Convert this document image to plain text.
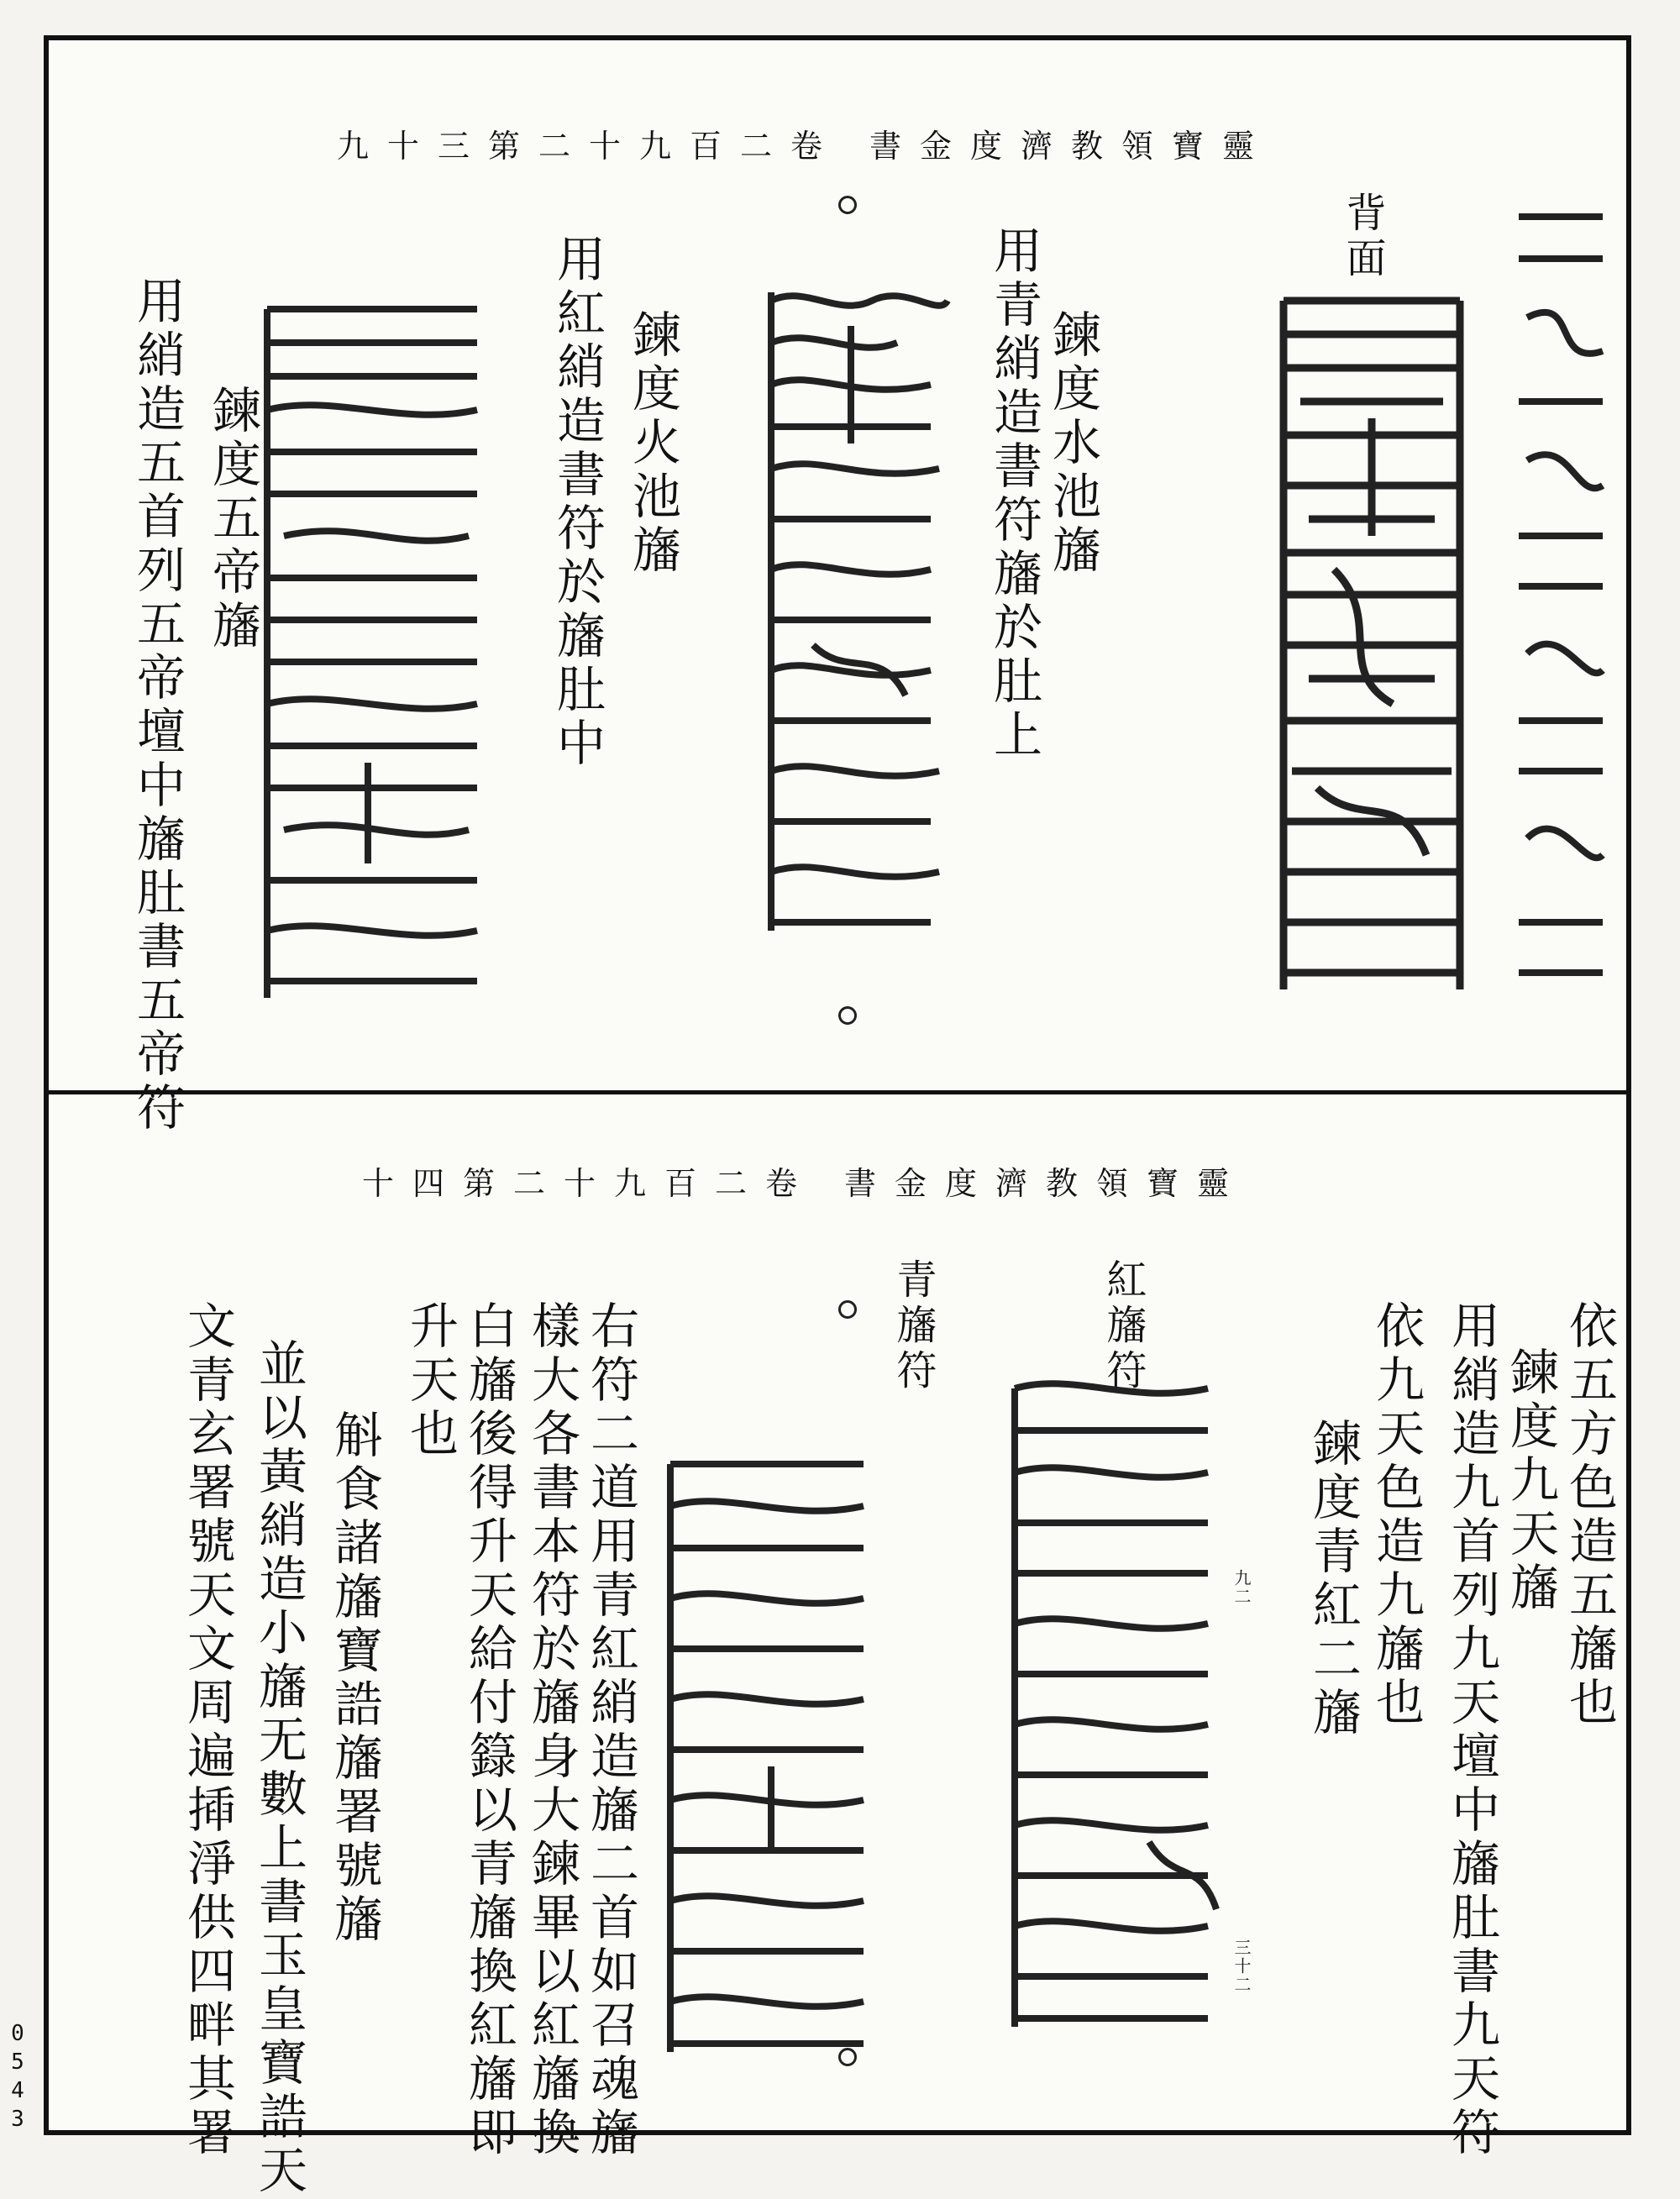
0
5
4
3
九十三第二十九百二卷 書金度濟教領寶靈
背面
鍊度水池旛
用青綃造書符旛於肚上
鍊度火池旛
用紅綃造書符於旛肚中
鍊度五帝旛
用綃造五首列五帝壇中旛肚書五帝符
十四第二十九百二卷 書金度濟教領寶靈
依五方色造五旛也
鍊度九天旛
用綃造九首列九天壇中旛肚書九天符
依九天色造九旛也
鍊度青紅二旛
九二
三十二
紅旛符
青旛符
右符二道用青紅綃造旛二首如召魂旛
樣大各書本符於旛身大鍊畢以紅旛換
白旛後得升天給付籙以青旛換紅旛即
升天也
斛食諸旛寶誥旛署號旛
並以黃綃造小旛无數上書玉皇寶誥天
文青玄署號天文周遍揷淨供四畔其署
